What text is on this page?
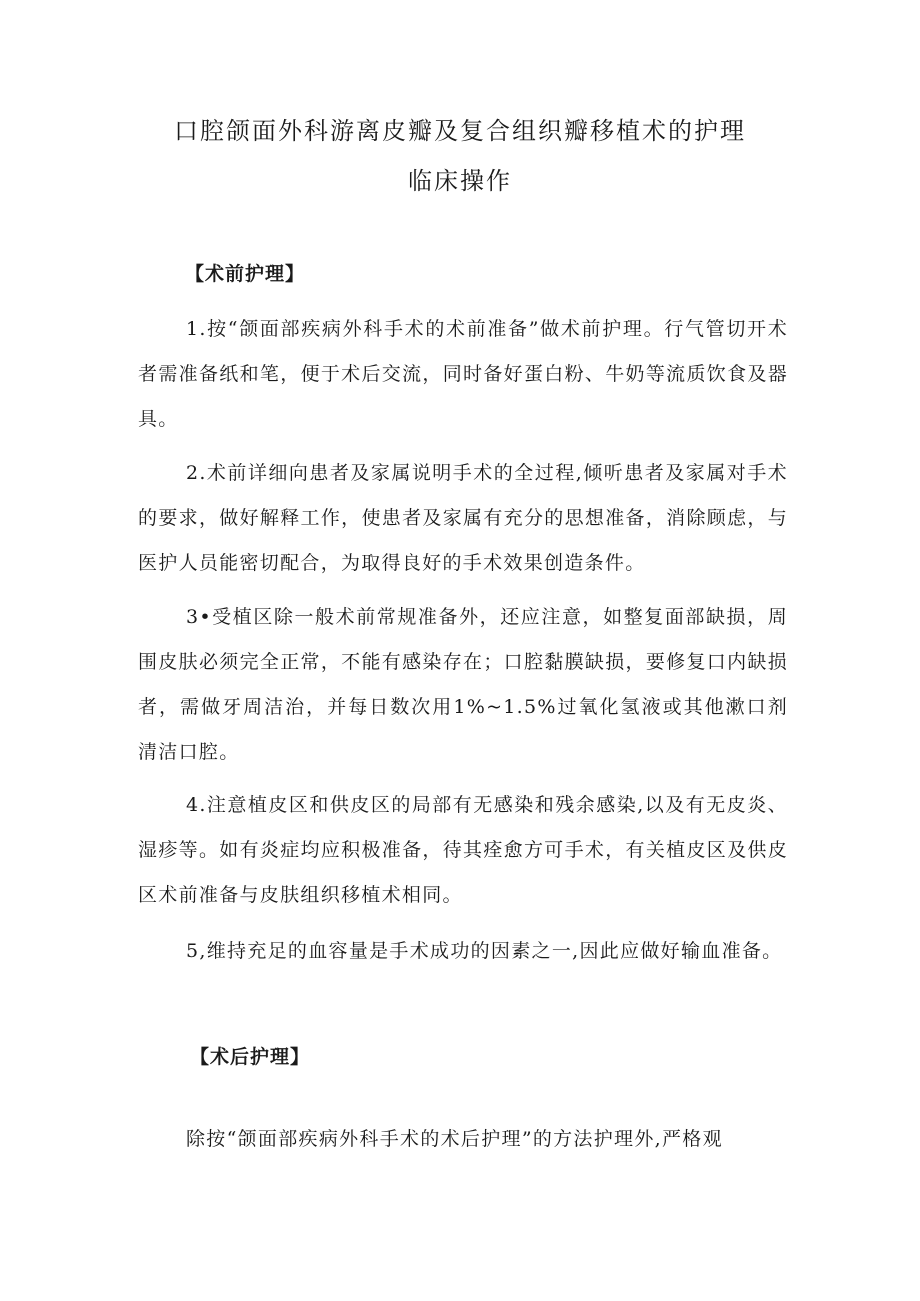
口腔颌面外科游离皮瓣及复合组织瓣移植术的护理
临床操作
【术前护理】

1.按“颌面部疾病外科手术的术前准备”做术前护理。行气管切开术者需准备纸和笔，便于术后交流，同时备好蛋白粉、牛奶等流质饮食及器具。

2.术前详细向患者及家属说明手术的全过程,倾听患者及家属对手术的要求，做好解释工作，使患者及家属有充分的思想准备，消除顾虑，与医护人员能密切配合，为取得良好的手术效果创造条件。

3•受植区除一般术前常规准备外，还应注意，如整复面部缺损，周围皮肤必须完全正常，不能有感染存在；口腔黏膜缺损，要修复口内缺损者，需做牙周洁治，并每日数次用1%~1.5%过氧化氢液或其他漱口剂清洁口腔。

4.注意植皮区和供皮区的局部有无感染和残余感染,以及有无皮炎、湿疹等。如有炎症均应积极准备，待其痊愈方可手术，有关植皮区及供皮区术前准备与皮肤组织移植术相同。

5,维持充足的血容量是手术成功的因素之一,因此应做好输血准备。

【术后护理】

除按“颌面部疾病外科手术的术后护理”的方法护理外,严格观
